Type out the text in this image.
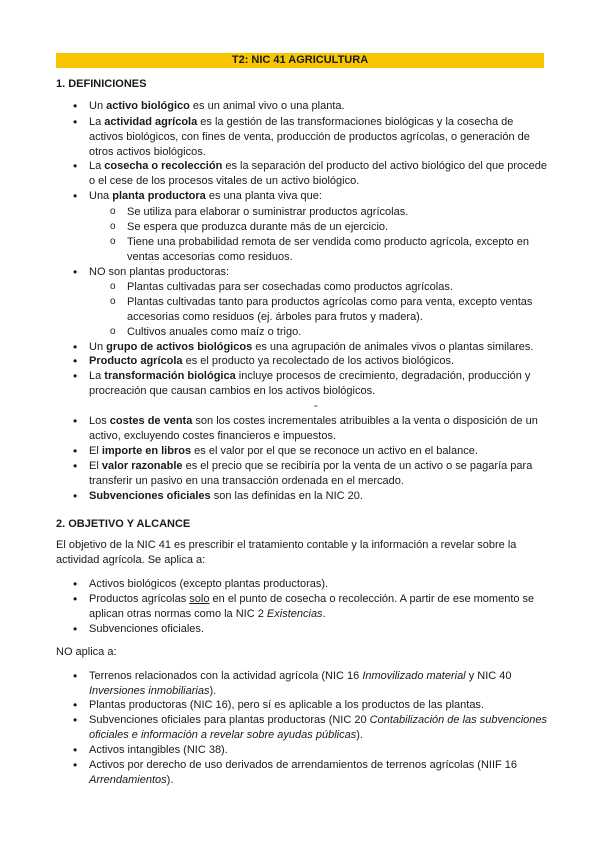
T2: NIC 41 AGRICULTURA
1. DEFINICIONES
• Un activo biológico es un animal vivo o una planta.
• La actividad agrícola es la gestión de las transformaciones biológicas y la cosecha de activos biológicos, con fines de venta, producción de productos agrícolas, o generación de otros activos biológicos.
• La cosecha o recolección es la separación del producto del activo biológico del que procede o el cese de los procesos vitales de un activo biológico.
• Una planta productora es una planta viva que:
o Se utiliza para elaborar o suministrar productos agrícolas.
o Se espera que produzca durante más de un ejercicio.
o Tiene una probabilidad remota de ser vendida como producto agrícola, excepto en ventas accesorias como residuos.
• NO son plantas productoras:
o Plantas cultivadas para ser cosechadas como productos agrícolas.
o Plantas cultivadas tanto para productos agrícolas como para venta, excepto ventas accesorias como residuos (ej. árboles para frutos y madera).
o Cultivos anuales como maíz o trigo.
• Un grupo de activos biológicos es una agrupación de animales vivos o plantas similares.
• Producto agrícola es el producto ya recolectado de los activos biológicos.
• La transformación biológica incluye procesos de crecimiento, degradación, producción y procreación que causan cambios en los activos biológicos.
-
• Los costes de venta son los costes incrementales atribuibles a la venta o disposición de un activo, excluyendo costes financieros e impuestos.
• El importe en libros es el valor por el que se reconoce un activo en el balance.
• El valor razonable es el precio que se recibiría por la venta de un activo o se pagaría para transferir un pasivo en una transacción ordenada en el mercado.
• Subvenciones oficiales son las definidas en la NIC 20.
2. OBJETIVO Y ALCANCE
El objetivo de la NIC 41 es prescribir el tratamiento contable y la información a revelar sobre la actividad agrícola. Se aplica a:
• Activos biológicos (excepto plantas productoras).
• Productos agrícolas solo en el punto de cosecha o recolección. A partir de ese momento se aplican otras normas como la NIC 2 Existencias.
• Subvenciones oficiales.
NO aplica a:
• Terrenos relacionados con la actividad agrícola (NIC 16 Inmovilizado material y NIC 40 Inversiones inmobiliarias).
• Plantas productoras (NIC 16), pero sí es aplicable a los productos de las plantas.
• Subvenciones oficiales para plantas productoras (NIC 20 Contabilización de las subvenciones oficiales e información a revelar sobre ayudas públicas).
• Activos intangibles (NIC 38).
• Activos por derecho de uso derivados de arrendamientos de terrenos agrícolas (NIIF 16 Arrendamientos).
